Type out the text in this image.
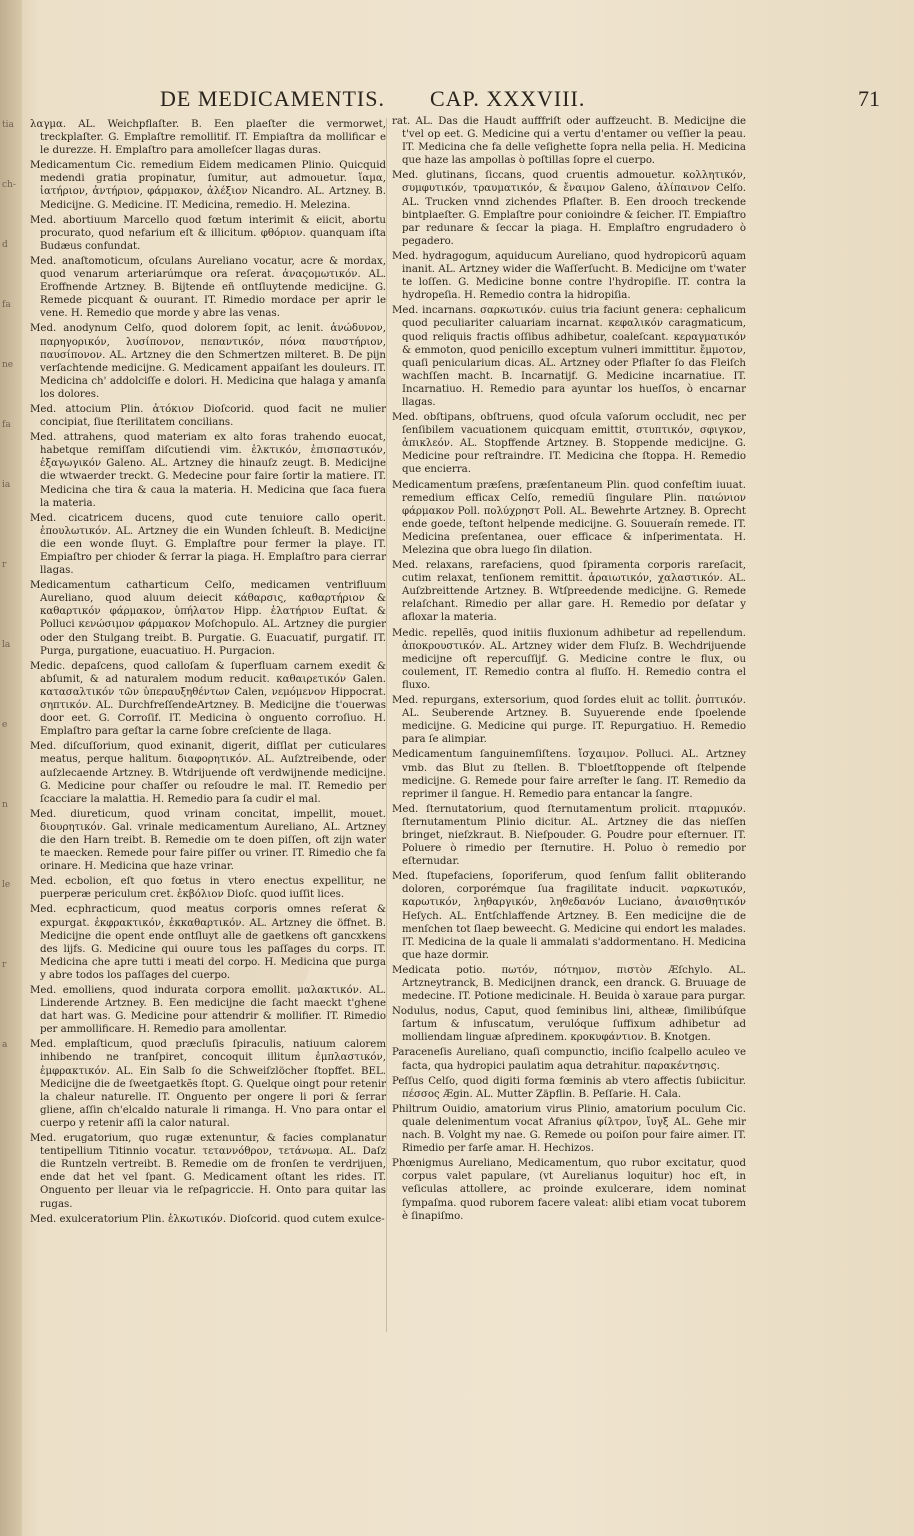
tia
ch-
d
fa
ne
fa
ia
r
la
e
n
le
r
a
DE MEDICAMENTIS. CAP. XXXVIII.	71

λαγμα. AL. Weichpflaſter. B. Een plaeſter die vermorwet, treckplaſter. G. Emplaſtre remollitif. IT. Empiaſtra da mollificar e le durezze. H. Emplaſtro para amolleſcer llagas duras.

Medicamentum Cic. remedium Eidem medicamen Plinio. Quicquid medendi gratia propinatur, ſumitur, aut admouetur. ἴαμα, ἰατήριον, ἀντήριον, φάρμακον, ἀλέξιον Nicandro. AL. Artzney. B. Medicijne. G. Medicine. IT. Medicina, remedio. H. Melezina.

Med. abortiuum Marcello quod fœtum interimit & eiicit, abortu procurato, quod nefarium eſt & illicitum. φθόριον. quanquam iſta Budæus confundat.

Med. anaſtomoticum, oſculans Aureliano vocatur, acre & mordax, quod venarum arteriarúmque ora reſerat. ἀναςομωτικόν. AL. Eroffnende Artzney. B. Bijtende eñ ontſluytende medicijne. G. Remede picquant & ouurant. IT. Rimedio mordace per aprir le vene. H. Remedio que morde y abre las venas.

Med. anodynum Celſo, quod dolorem ſopit, ac lenit. ἀνώδυνον, παρηγορικόν, λυσίπονον, πεπαντικόν, πόνα παυστήριον, παυσίπονον. AL. Artzney die den Schmertzen milteret. B. De pijn verſachtende medicijne. G. Medicament appaiſant les douleurs. IT. Medicina ch' addolciſſe e dolori. H. Medicina que halaga y amanſa los dolores.

Med. attocium Plin. ἀτόκιον Dioſcorid. quod facit ne mulier concipiat, ſiue ſterilitatem concilians.

Med. attrahens, quod materiam ex alto foras trahendo euocat, habetque remiſſam diſcutiendi vim. ἑλκτικόν, ἐπισπαστικόν, ἐξαγωγικόν Galeno. AL. Artzney die hinauſz zeugt. B. Medicijne die wtwaerder treckt. G. Medecine pour faire ſortir la matiere. IT. Medicina che tira & caua la materia. H. Medicina que ſaca fuera la materia.

Med. cicatricem ducens, quod cute tenuiore callo operit. ἐπουλωτικόν. AL. Artzney die ein Wunden ſchleuſt. B. Medicijne die een wonde ſluyt. G. Emplaſtre pour fermer la playe. IT. Empiaſtro per chioder & ſerrar la piaga. H. Emplaſtro para cierrar llagas.

Medicamentum catharticum Celſo, medicamen ventrifluum Aureliano, quod aluum deiecit κάθαρσις, καθαρτήριον & καθαρτικόν φάρμακον, ὑπήλατον Hipp. ἐλατήριον Euſtat. & Polluci κενώσιμον φάρμακον Moſchopulo. AL. Artzney die purgier oder den Stulgang treibt. B. Purgatie. G. Euacuatif, purgatif. IT. Purga, purgatione, euacuatiuo. H. Purgacion.

Medic. depaſcens, quod calloſam & ſuperfluam carnem exedit & abſumit, & ad naturalem modum reducit. καθαιρετικόν Galen. κατασαλτικόν τῶν ὑπεραυξηθέντων Calen, νεμόμενον Hippocrat. σηπτικόν. AL. DurchfreſſendeArtzney. B. Medicijne die t'ouerwas door eet. G. Corroſif. IT. Medicina ò onguento corroſiuo. H. Emplaſtro para geſtar la carne ſobre creſciente de llaga.

Med. diſcuſſorium, quod exinanit, digerit, diſſlat per cuticulares meatus, perque halitum. διαφορητικόν. AL. Auſztreibende, oder auſzlecaende Artzney. B. Wtdrijuende oft verdwijnende medicijne. G. Medicine pour chaſſer ou reſoudre le mal. IT. Remedio per ſcacciare la malattia. H. Remedio para ſa cudir el mal.

Med. diureticum, quod vrinam concitat, impellit, mouet. διουρητικόν. Gal. vrinale medicamentum Aureliano, AL. Artzney die den Harn treibt. B. Remedie om te doen piſſen, oft zijn water te maecken. Remede pour faire piſſer ou vriner. IT. Rimedio che fa orinare. H. Medicina que haze vrinar.

Med. ecbolion, eſt quo fœtus in vtero enectus expellitur, ne puerperæ periculum cret. ἐκβόλιον Dioſc. quod iuſſit lices.

Med. ecphracticum, quod meatus corporis omnes reſerat & expurgat. ἐκφρακτικόν, ἐκκαθαρτικόν. AL. Artzney die öffnet. B. Medicijne die opent ende ontſluyt alle de gaetkens oft gancxkens des lijfs. G. Medicine qui ouure tous les paſſages du corps. IT. Medicina che apre tutti i meati del corpo. H. Medicina que purga y abre todos los paſſages del cuerpo.

Med. emolliens, quod indurata corpora emollit. μαλακτικόν. AL. Linderende Artzney. B. Een medicijne die ſacht maeckt t'ghene dat hart was. G. Medicine pour attendrir & mollifier. IT. Rimedio per ammollificare. H. Remedio para amollentar.

Med. emplaſticum, quod præcluſis ſpiraculis, natiuum calorem inhibendo ne tranſpiret, concoquit illitum ἐμπλαστικόν, ἐμφρακτικόν. AL. Ein Salb ſo die Schweiſzlöcher ſtopffet. BEL. Medicijne die de ſweetgaetkẽs ſtopt. G. Quelque oingt pour retenir la chaleur naturelle. IT. Onguento per ongere li pori & ſerrar gliene, aſſin ch'elcaldo naturale li rimanga. H. Vno para ontar el cuerpo y retenir aſſi la calor natural.

Med. erugatorium, quo rugæ extenuntur, & facies complanatur tentipellium Titinnio vocatur. τεταννόθρον, τετάνωμα. AL. Daſz die Runtzeln vertreibt. B. Remedie om de fronſen te verdrijuen, ende dat het vel ſpant. G. Medicament oſtant les rides. IT. Onguento per lleuar via le reſpagriccie. H. Onto para quitar las rugas.

Med. exulceratorium Plin. ἑλκωτικόν. Dioſcorid. quod cutem exulce-

rat. AL. Das die Haudt aufffriſt oder auffzeucht. B. Medicijne die t'vel op eet. G. Medicine qui a vertu d'entamer ou veſſier la peau. IT. Medicina che fa delle veſighette ſopra nella pelia. H. Medicina que haze las ampollas ò poſtillas ſopre el cuerpo.

Med. glutinans, ſiccans, quod cruentis admouetur. κολλητικόν, συμφυτικόν, τραυματικόν, & ἔναιμον Galeno, ἀλίπαινον Celſo. AL. Trucken vnnd zichendes Pflaſter. B. Een drooch treckende bintplaeſter. G. Emplaſtre pour conioindre & ſeicher. IT. Empiaſtro par redunare & ſeccar la piaga. H. Emplaſtro engrudadero ò pegadero.

Med. hydragogum, aquiducum Aureliano, quod hydropicorũ aquam inanit. AL. Artzney wider die Waſſerſucht. B. Medicijne om t'water te loſſen. G. Medicine bonne contre l'hydropiſie. IT. contra la hydropeſia. H. Remedio contra la hidropiſia.

Med. incarnans. σαρκωτικόν. cuius tria faciunt genera: cephalicum quod peculiariter caluariam incarnat. κεφαλικόν caragmaticum, quod reliquis fractis oſſibus adhibetur, coaleſcant. κεραγματικόν & emmoton, quod penicillo exceptum vulneri immittitur. ἔμμοτον, quaſi penicularium dicas. AL. Artzney oder Pflaſter ſo das Fleiſch wachſſen macht. B. Incarnatijf. G. Medicine incarnatiue. IT. Incarnatiuo. H. Remedio para ayuntar los hueſſos, ò encarnar llagas.

Med. obſtipans, obſtruens, quod oſcula vaſorum occludit, nec per ſenſibilem vacuationem quicquam emittit, στυπτικόν, σφιγκον, ἀπικλεόν. AL. Stopffende Artzney. B. Stoppende medicijne. G. Medicine pour reſtraindre. IT. Medicina che ſtoppa. H. Remedio que encierra.

Medicamentum præſens, præſentaneum Plin. quod confeſtim iuuat. remedium efficax Celſo, remediũ ſingulare Plin. παιώνιον φάρμακον Poll. πολύχρηστ Poll. AL. Bewehrte Artzney. B. Oprecht ende goede, teſtont helpende medicijne. G. Souueraín remede. IT. Medicina preſentanea, ouer efficace & inſperimentata. H. Melezina que obra luego ſin dilation.

Med. relaxans, rarefaciens, quod ſpiramenta corporis rareſacit, cutim relaxat, tenſionem remittit. ἀραιωτικόν, χαλαστικόν. AL. Auſzbreittende Artzney. B. Wtſpreedende medicijne. G. Remede relaſchant. Rimedio per allar gare. H. Remedio por deſatar y afloxar la materia.

Medic. repellẽs, quod initiis fluxionum adhibetur ad repellendum. ἀποκρουστικόν. AL. Artzney wider dem Fluſz. B. Wechdrijuende medicijne oft repercuſſijf. G. Medicine contre le flux, ou coulement, IT. Remedio contra al fluſſo. H. Remedio contra el fluxo.

Med. repurgans, extersorium, quod ſordes eluit ac tollit. ῥυπτικόν. AL. Seuberende Artzney. B. Suyuerende ende ſpoelende medicijne. G. Medicine qui purge. IT. Repurgatiuo. H. Remedio para ſe alimpiar.

Medicamentum ſanguinemſiſtens. ἴσχαιμον. Polluci. AL. Artzney vmb. das Blut zu ſtellen. B. T'bloetſtoppende oft ſtelpende medicijne. G. Remede pour faire arreſter le ſang. IT. Remedio da reprimer il ſangue. H. Remedio para entancar la ſangre.

Med. ſternutatorium, quod ſternutamentum prolicit. πταρμικόν. ſternutamentum Plinio dicitur. AL. Artzney die das nieſſen bringet, nieſzkraut. B. Nieſpouder. G. Poudre pour eſternuer. IT. Poluere ò rimedio per ſternutire. H. Poluo ò remedio por eſternudar.

Med. ſtupefaciens, ſoporiferum, quod ſenſum fallit obliterando doloren, corporémque ſua fragilitate inducit. ναρκωτικόν, καρωτικόν, ληθαργικόν, ληθεδανόν Luciano, ἀναισθητικόν Heſych. AL. Entſchlaffende Artzney. B. Een medicijne die de menſchen tot ſlaep beweecht. G. Medicine qui endort les malades. IT. Medicina de la quale li ammalati s'addormentano. H. Medicina que haze dormir.

Medicata potio. πωτόν, πότημον, πιστὸν Æſchylo. AL. Artzneytranck, B. Medicijnen dranck, een dranck. G. Bruuage de medecine. IT. Potione medicinale. H. Beuida ò xaraue para purgar.

Nodulus, nodus, Caput, quod ſeminibus lini, altheæ, ſimilibúſque ſartum & infuscatum, verulóque ſuffixum adhibetur ad molliendam linguæ aſpredinem. κροκυφάντιον. B. Knotgen.

Paraceneſis Aureliano, quaſi compunctio, inciſio ſcalpello aculeo ve facta, qua hydropici paulatim aqua detrahitur. παρακέντησις.

Peſſus Celſo, quod digiti forma fœminis ab vtero affectis ſubiicitur. πέσσος Ægin. AL. Mutter Zäpflin. B. Peſſarie. H. Cala.

Philtrum Ouidio, amatorium virus Plinio, amatorium poculum Cic. quale delenimentum vocat Afranius φίλτρον, ἴυγξ AL. Gehe mir nach. B. Volght my nae. G. Remede ou poiſon pour faire aimer. IT. Rimedio per farſe amar. H. Hechizos.

Phœnigmus Aureliano, Medicamentum, quo rubor excitatur, quod corpus valet papulare, (vt Aurelianus loquitur) hoc eſt, in veſiculas attollere, ac proinde exulcerare, idem nominat ſympaſma. quod ruborem facere valeat: alibi etiam vocat tuborem è ſinapiſmo.
